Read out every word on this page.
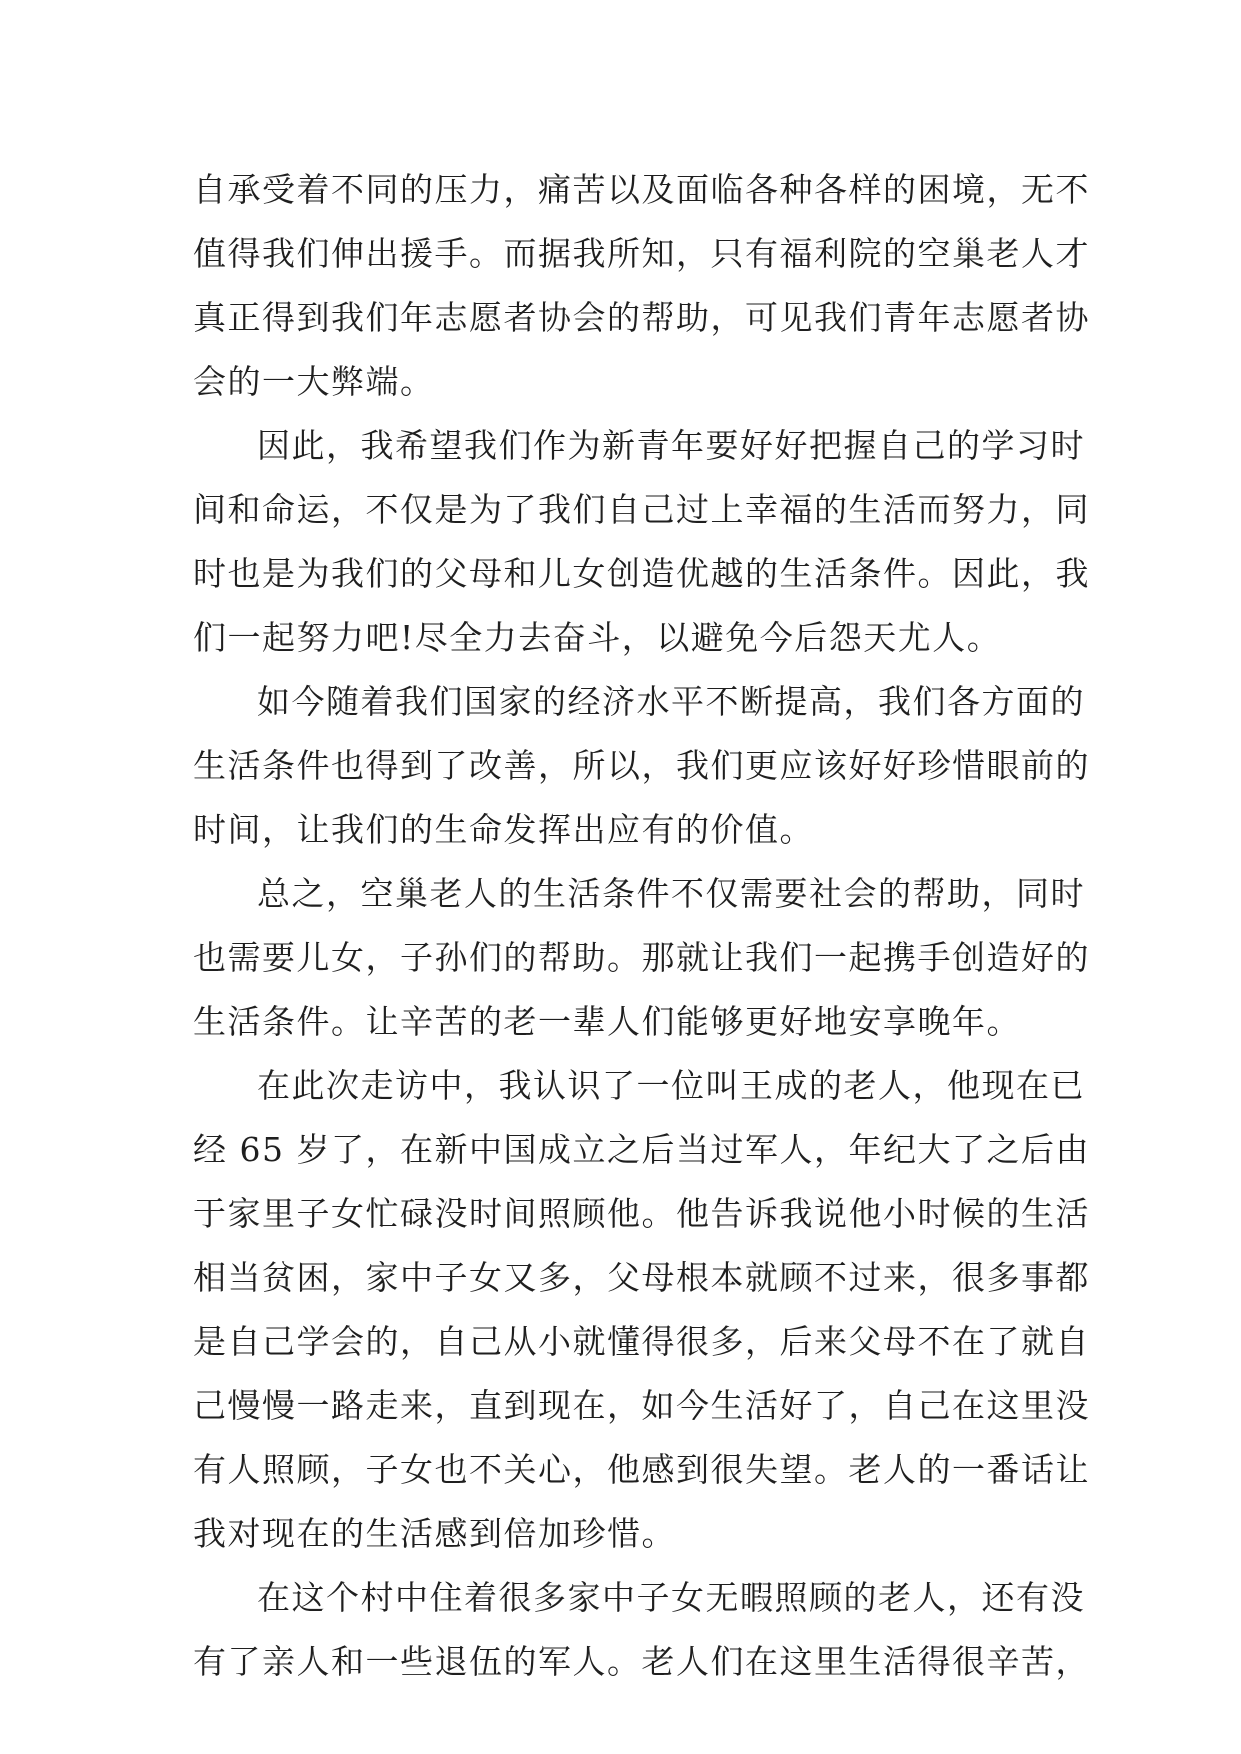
自承受着不同的压力，痛苦以及面临各种各样的困境，无不
值得我们伸出援手。而据我所知，只有福利院的空巢老人才
真正得到我们年志愿者协会的帮助，可见我们青年志愿者协
会的一大弊端。
因此，我希望我们作为新青年要好好把握自己的学习时
间和命运，不仅是为了我们自己过上幸福的生活而努力，同
时也是为我们的父母和儿女创造优越的生活条件。因此，我
们一起努力吧!尽全力去奋斗，以避免今后怨天尤人。
如今随着我们国家的经济水平不断提高，我们各方面的
生活条件也得到了改善，所以，我们更应该好好珍惜眼前的
时间，让我们的生命发挥出应有的价值。
总之，空巢老人的生活条件不仅需要社会的帮助，同时
也需要儿女，子孙们的帮助。那就让我们一起携手创造好的
生活条件。让辛苦的老一辈人们能够更好地安享晚年。
在此次走访中，我认识了一位叫王成的老人，他现在已
经 65 岁了，在新中国成立之后当过军人，年纪大了之后由
于家里子女忙碌没时间照顾他。他告诉我说他小时候的生活
相当贫困，家中子女又多，父母根本就顾不过来，很多事都
是自己学会的，自己从小就懂得很多，后来父母不在了就自
己慢慢一路走来，直到现在，如今生活好了，自己在这里没
有人照顾，子女也不关心，他感到很失望。老人的一番话让
我对现在的生活感到倍加珍惜。
在这个村中住着很多家中子女无暇照顾的老人，还有没
有了亲人和一些退伍的军人。老人们在这里生活得很辛苦，
